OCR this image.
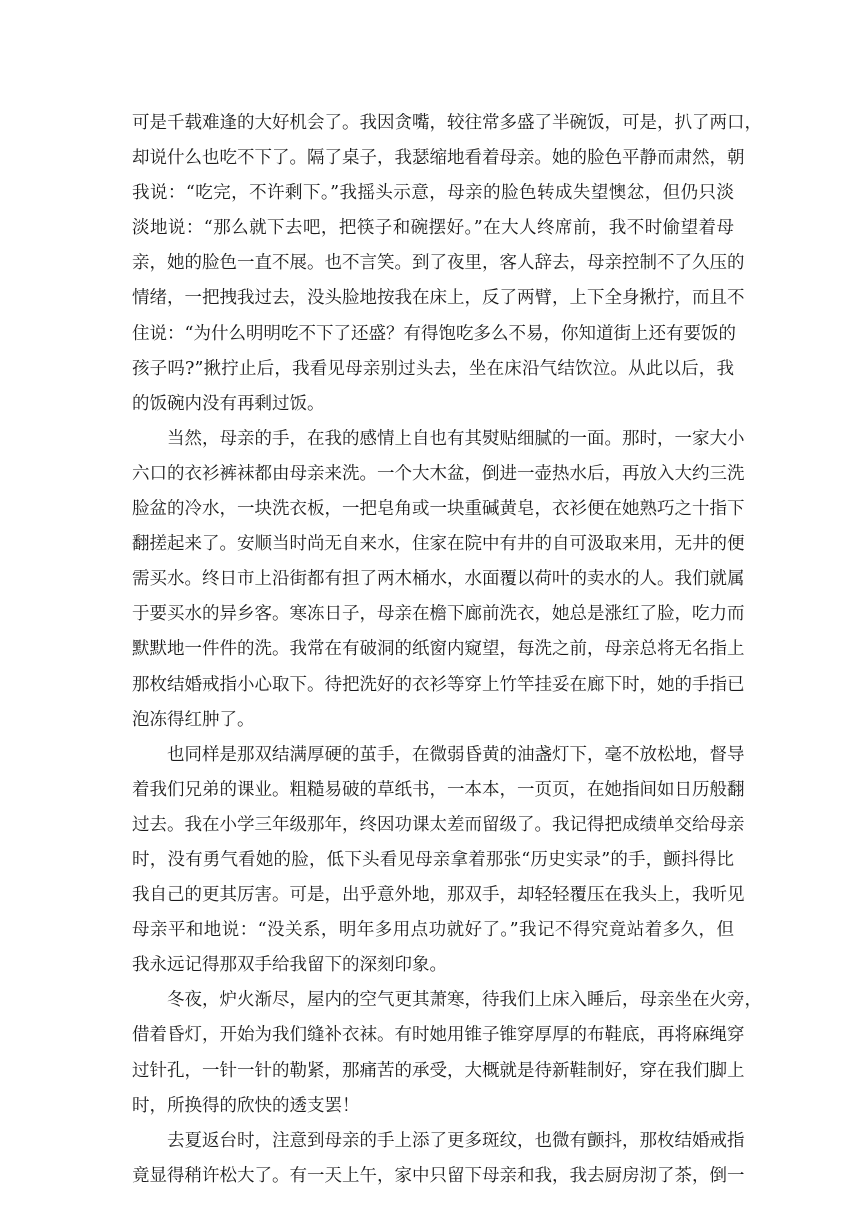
可是千载难逢的大好机会了。我因贪嘴，较往常多盛了半碗饭，可是，扒了两口，
却说什么也吃不下了。隔了桌子，我瑟缩地看着母亲。她的脸色平静而肃然，朝
我说：“吃完，不许剩下。”我摇头示意，母亲的脸色转成失望懊忿，但仍只淡
淡地说：“那么就下去吧，把筷子和碗摆好。”在大人终席前，我不时偷望着母
亲，她的脸色一直不展。也不言笑。到了夜里，客人辞去，母亲控制不了久压的
情绪，一把拽我过去，没头脸地按我在床上，反了两臂，上下全身揪拧，而且不
住说：“为什么明明吃不下了还盛？有得饱吃多么不易，你知道街上还有要饭的
孩子吗?”揪拧止后，我看见母亲别过头去，坐在床沿气结饮泣。从此以后，我
的饭碗内没有再剩过饭。
当然，母亲的手，在我的感情上自也有其熨贴细腻的一面。那时，一家大小
六口的衣衫裤袜都由母亲来洗。一个大木盆，倒进一壶热水后，再放入大约三洗
脸盆的冷水，一块洗衣板，一把皂角或一块重碱黄皂，衣衫便在她熟巧之十指下
翻搓起来了。安顺当时尚无自来水，住家在院中有井的自可汲取来用，无井的便
需买水。终日市上沿街都有担了两木桶水，水面覆以荷叶的卖水的人。我们就属
于要买水的异乡客。寒冻日子，母亲在檐下廊前洗衣，她总是涨红了脸，吃力而
默默地一件件的洗。我常在有破洞的纸窗内窥望，每洗之前，母亲总将无名指上
那枚结婚戒指小心取下。待把洗好的衣衫等穿上竹竿挂妥在廊下时，她的手指已
泡冻得红肿了。
也同样是那双结满厚硬的茧手，在微弱昏黄的油盏灯下，毫不放松地，督导
着我们兄弟的课业。粗糙易破的草纸书，一本本，一页页，在她指间如日历般翻
过去。我在小学三年级那年，终因功课太差而留级了。我记得把成绩单交给母亲
时，没有勇气看她的脸，低下头看见母亲拿着那张“历史实录”的手，颤抖得比
我自己的更其厉害。可是，出乎意外地，那双手，却轻轻覆压在我头上，我听见
母亲平和地说：“没关系，明年多用点功就好了。”我记不得究竟站着多久，但
我永远记得那双手给我留下的深刻印象。
冬夜，炉火渐尽，屋内的空气更其萧寒，待我们上床入睡后，母亲坐在火旁，
借着昏灯，开始为我们缝补衣袜。有时她用锥子锥穿厚厚的布鞋底，再将麻绳穿
过针孔，一针一针的勒紧，那痛苦的承受，大概就是待新鞋制好，穿在我们脚上
时，所换得的欣快的透支罢！
去夏返台时，注意到母亲的手上添了更多斑纹，也微有颤抖，那枚结婚戒指
竟显得稍许松大了。有一天上午，家中只留下母亲和我，我去厨房沏了茶，倒一
